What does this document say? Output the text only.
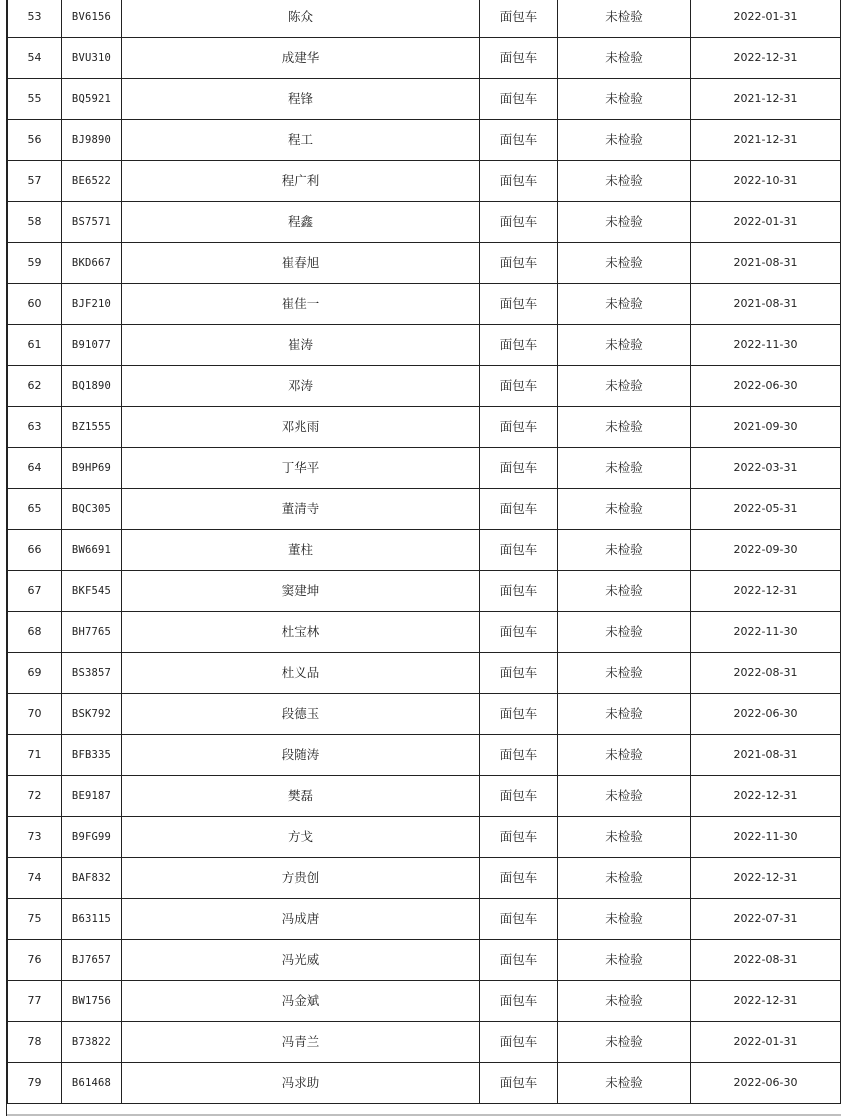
53	BV6156	陈众	面包车	未检验	2022-01-31
54	BVU310	成建华	面包车	未检验	2022-12-31
55	BQ5921	程锋	面包车	未检验	2021-12-31
56	BJ9890	程工	面包车	未检验	2021-12-31
57	BE6522	程广利	面包车	未检验	2022-10-31
58	BS7571	程鑫	面包车	未检验	2022-01-31
59	BKD667	崔春旭	面包车	未检验	2021-08-31
60	BJF210	崔佳一	面包车	未检验	2021-08-31
61	B91077	崔涛	面包车	未检验	2022-11-30
62	BQ1890	邓涛	面包车	未检验	2022-06-30
63	BZ1555	邓兆雨	面包车	未检验	2021-09-30
64	B9HP69	丁华平	面包车	未检验	2022-03-31
65	BQC305	董清寺	面包车	未检验	2022-05-31
66	BW6691	董柱	面包车	未检验	2022-09-30
67	BKF545	窦建坤	面包车	未检验	2022-12-31
68	BH7765	杜宝林	面包车	未检验	2022-11-30
69	BS3857	杜义品	面包车	未检验	2022-08-31
70	BSK792	段德玉	面包车	未检验	2022-06-30
71	BFB335	段随涛	面包车	未检验	2021-08-31
72	BE9187	樊磊	面包车	未检验	2022-12-31
73	B9FG99	方戈	面包车	未检验	2022-11-30
74	BAF832	方贵创	面包车	未检验	2022-12-31
75	B63115	冯成唐	面包车	未检验	2022-07-31
76	BJ7657	冯光威	面包车	未检验	2022-08-31
77	BW1756	冯金斌	面包车	未检验	2022-12-31
78	B73822	冯青兰	面包车	未检验	2022-01-31
79	B61468	冯求助	面包车	未检验	2022-06-30
